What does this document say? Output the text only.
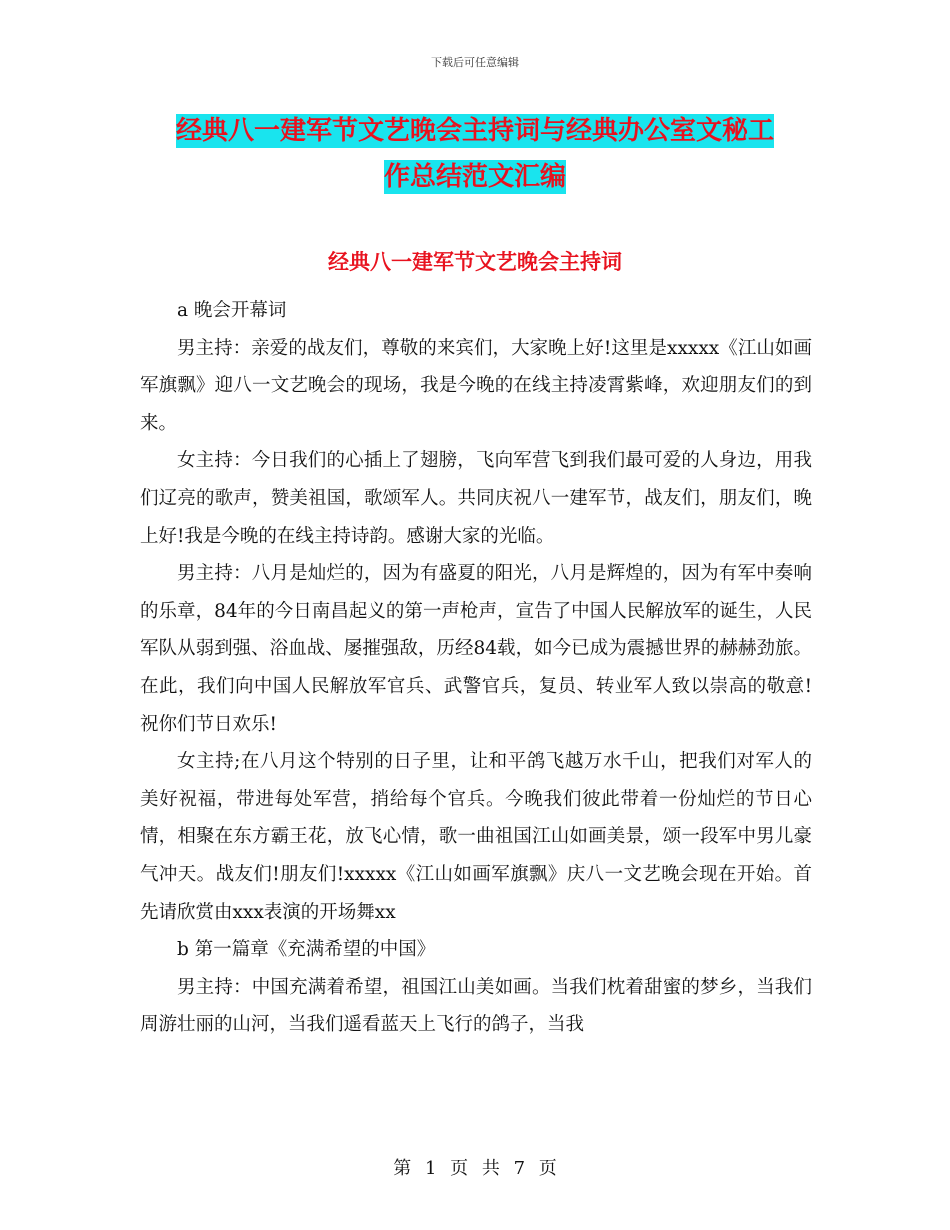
下载后可任意编辑
经典八一建军节文艺晚会主持词与经典办公室文秘工
作总结范文汇编
经典八一建军节文艺晚会主持词

a 晚会开幕词

男主持：亲爱的战友们，尊敬的来宾们，大家晚上好!这里是xxxxx《江山如画军旗飘》迎八一文艺晚会的现场，我是今晚的在线主持凌霄紫峰，欢迎朋友们的到来。

女主持：今日我们的心插上了翅膀，飞向军营飞到我们最可爱的人身边，用我们辽亮的歌声，赞美祖国，歌颂军人。共同庆祝八一建军节，战友们，朋友们，晚上好!我是今晚的在线主持诗韵。感谢大家的光临。

男主持：八月是灿烂的，因为有盛夏的阳光，八月是辉煌的，因为有军中奏响的乐章，84年的今日南昌起义的第一声枪声，宣告了中国人民解放军的诞生，人民军队从弱到强、浴血战、屡摧强敌，历经84载，如今已成为震撼世界的赫赫劲旅。在此，我们向中国人民解放军官兵、武警官兵，复员、转业军人致以崇高的敬意!祝你们节日欢乐!

女主持;在八月这个特别的日子里，让和平鸽飞越万水千山，把我们对军人的美好祝福，带进每处军营，捎给每个官兵。今晚我们彼此带着一份灿烂的节日心情，相聚在东方霸王花，放飞心情，歌一曲祖国江山如画美景，颂一段军中男儿豪气冲天。战友们!朋友们!xxxxx《江山如画军旗飘》庆八一文艺晚会现在开始。首先请欣赏由xxx表演的开场舞xx

b 第一篇章《充满希望的中国》

男主持：中国充满着希望，祖国江山美如画。当我们枕着甜蜜的梦乡，当我们周游壮丽的山河，当我们遥看蓝天上飞行的鸽子，当我

第 1 页 共 7 页
